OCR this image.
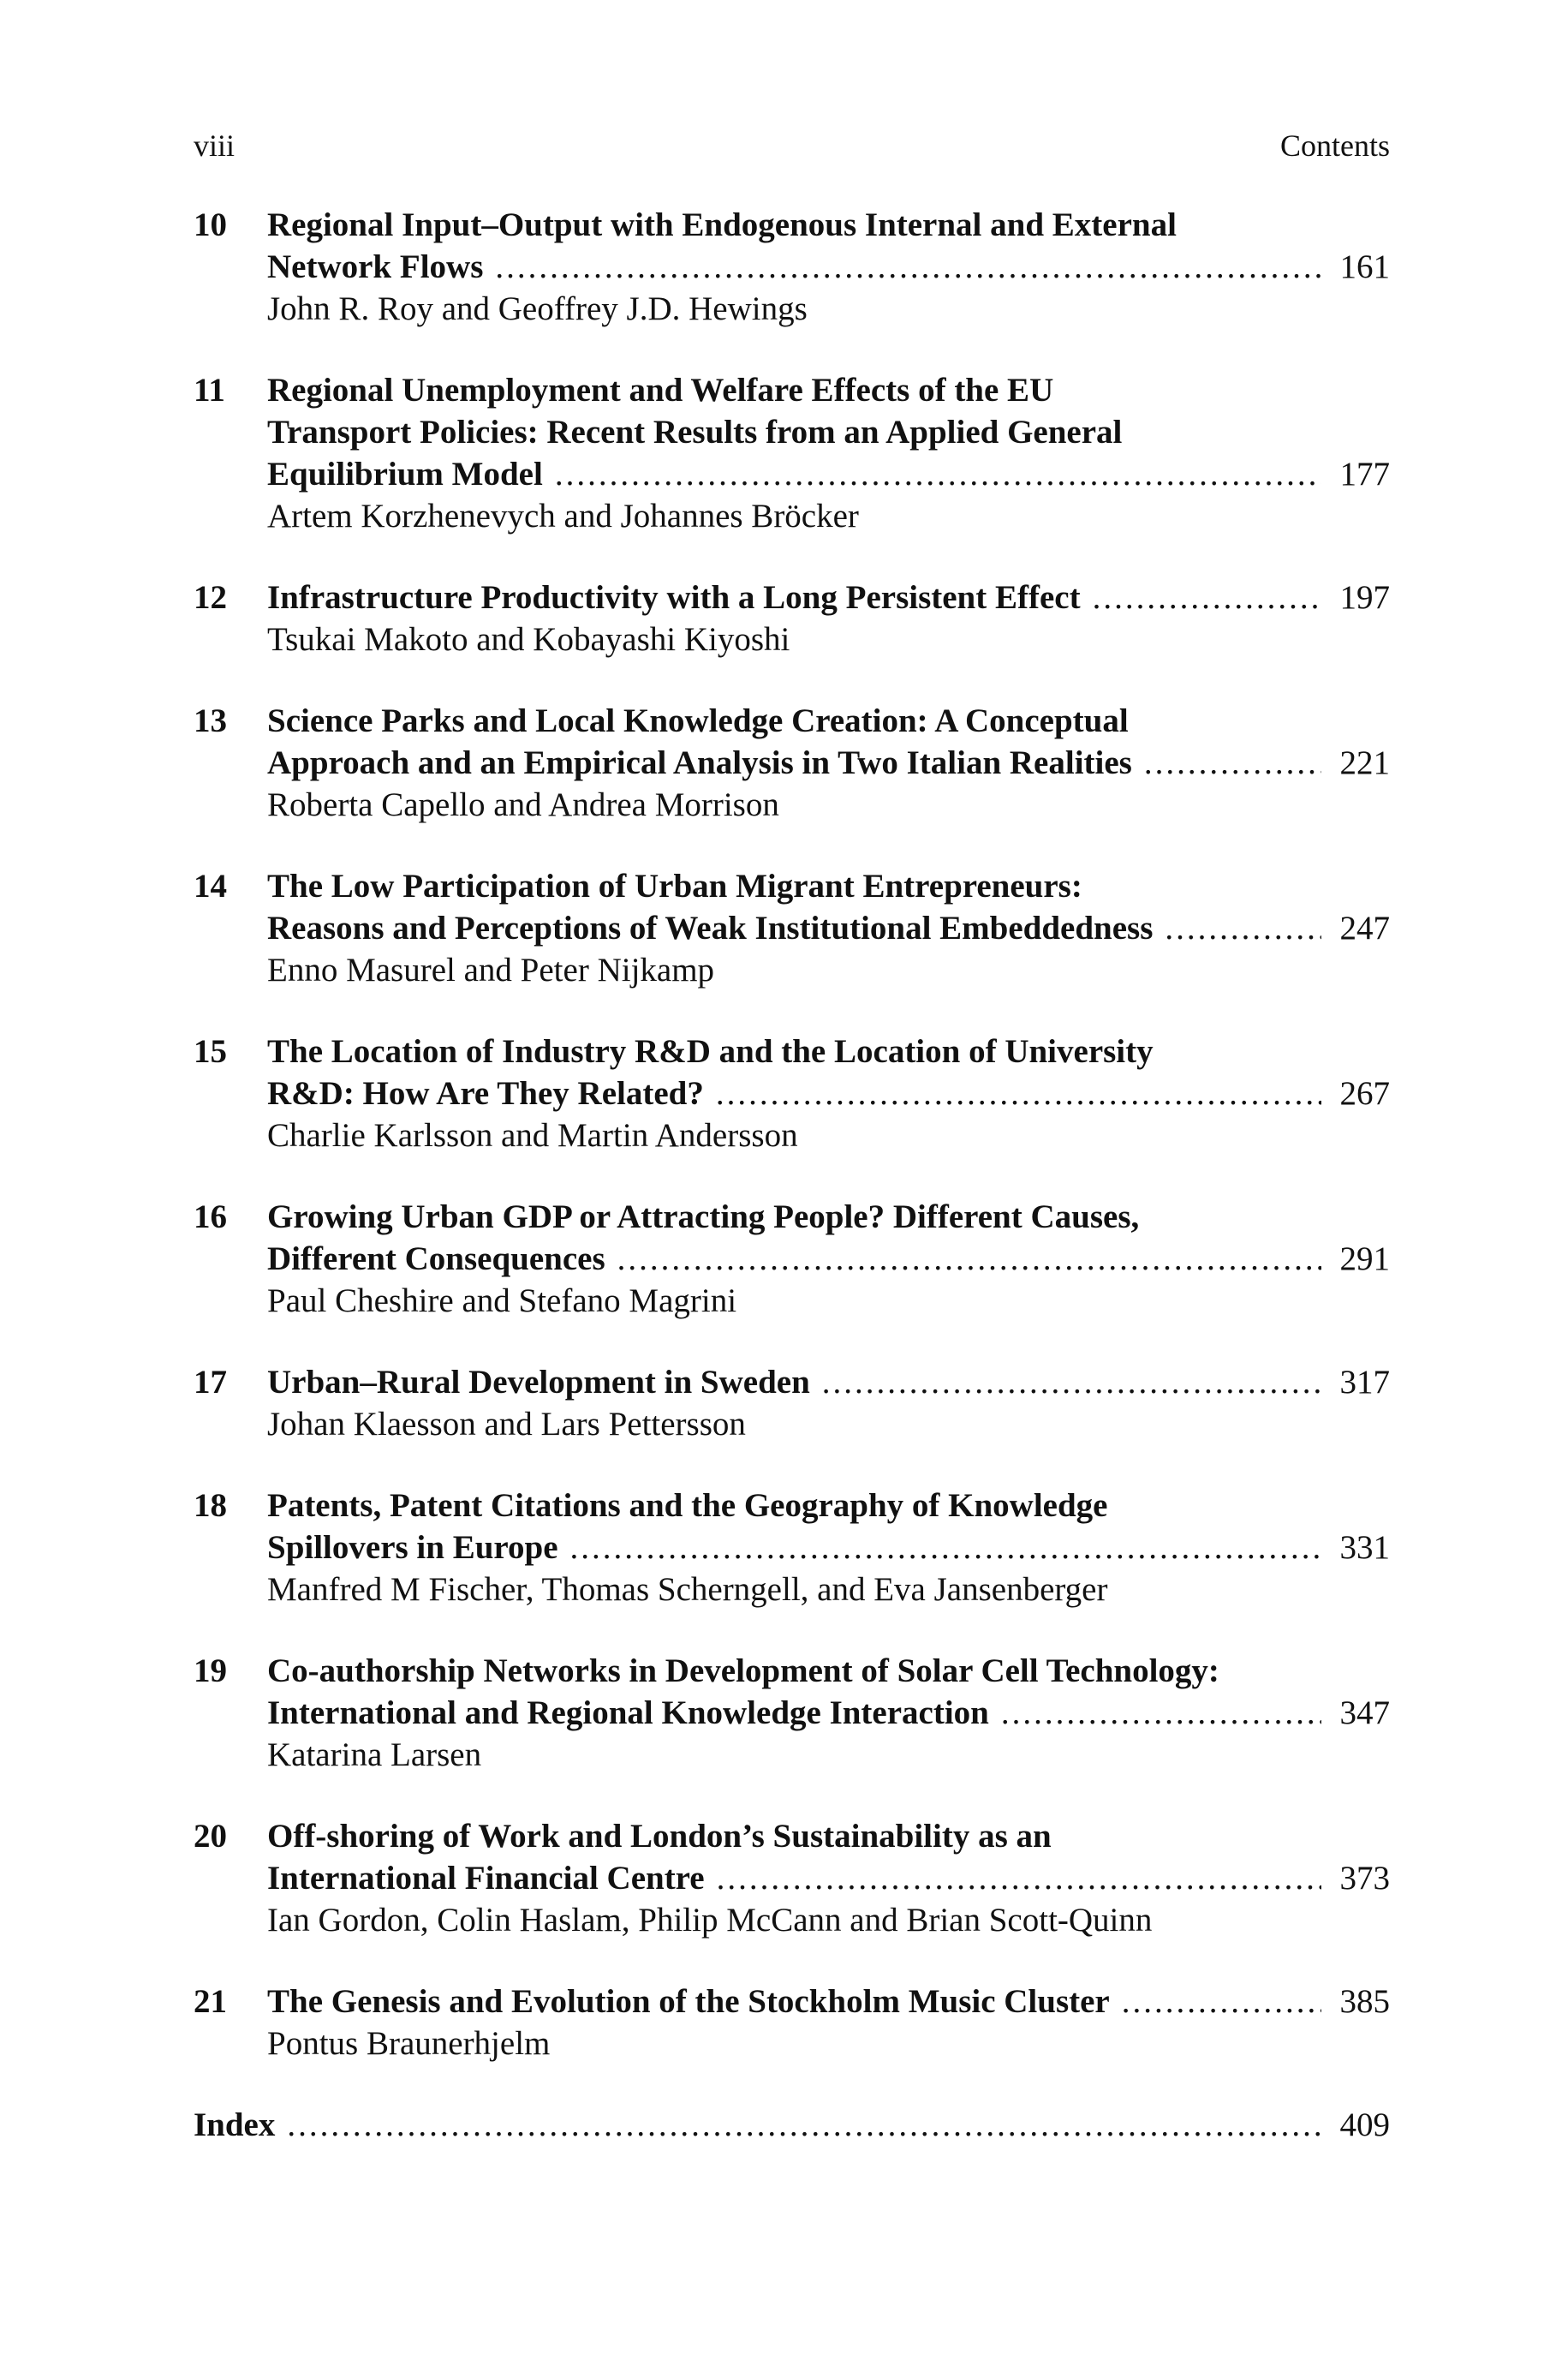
viii	Contents
10 Regional Input–Output with Endogenous Internal and External
Network Flows .....	161
John R. Roy and Geoffrey J.D. Hewings
11 Regional Unemployment and Welfare Effects of the EU
Transport Policies: Recent Results from an Applied General
Equilibrium Model .....	177
Artem Korzhenevych and Johannes Bröcker
12 Infrastructure Productivity with a Long Persistent Effect .....	197
Tsukai Makoto and Kobayashi Kiyoshi
13 Science Parks and Local Knowledge Creation: A Conceptual
Approach and an Empirical Analysis in Two Italian Realities .....	221
Roberta Capello and Andrea Morrison
14 The Low Participation of Urban Migrant Entrepreneurs:
Reasons and Perceptions of Weak Institutional Embeddedness .....	247
Enno Masurel and Peter Nijkamp
15 The Location of Industry R&D and the Location of University
R&D: How Are They Related? .....	267
Charlie Karlsson and Martin Andersson
16 Growing Urban GDP or Attracting People? Different Causes,
Different Consequences .....	291
Paul Cheshire and Stefano Magrini
17 Urban–Rural Development in Sweden .....	317
Johan Klaesson and Lars Pettersson
18 Patents, Patent Citations and the Geography of Knowledge
Spillovers in Europe .....	331
Manfred M Fischer, Thomas Scherngell, and Eva Jansenberger
19 Co-authorship Networks in Development of Solar Cell Technology:
International and Regional Knowledge Interaction .....	347
Katarina Larsen
20 Off-shoring of Work and London’s Sustainability as an
International Financial Centre .....	373
Ian Gordon, Colin Haslam, Philip McCann and Brian Scott-Quinn
21 The Genesis and Evolution of the Stockholm Music Cluster .....	385
Pontus Braunerhjelm
Index .....	409
